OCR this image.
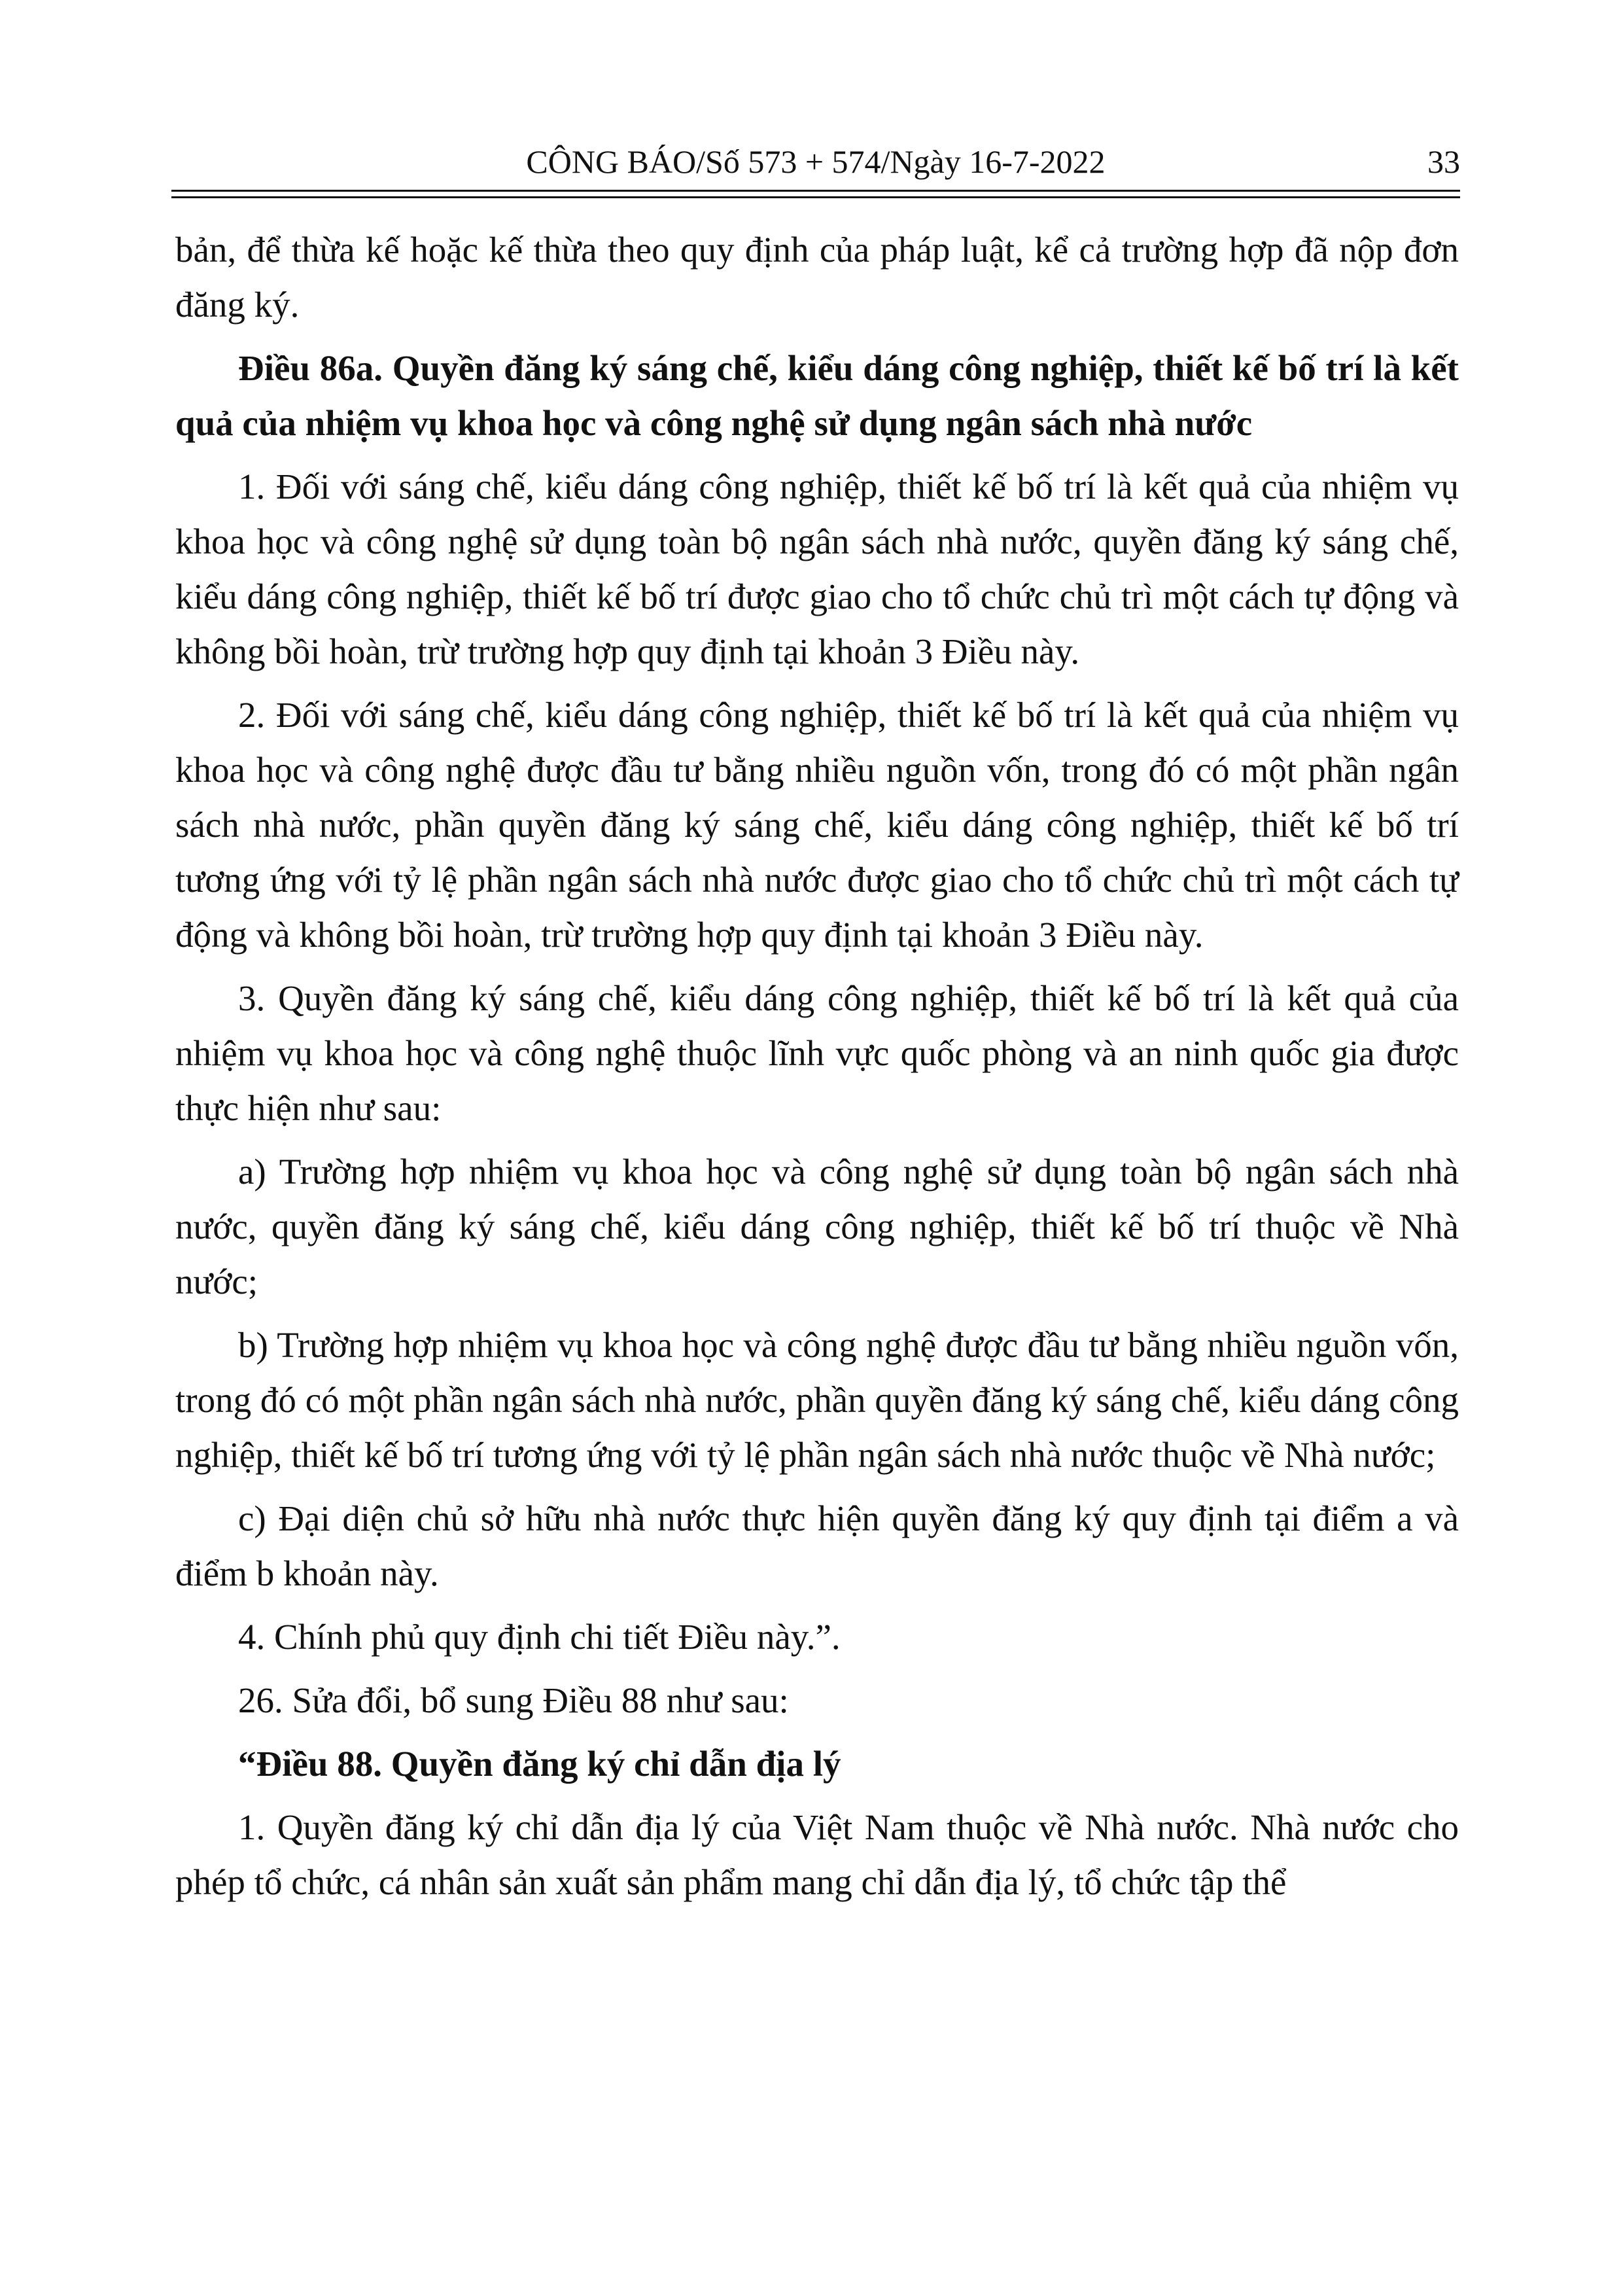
CÔNG BÁO/Số 573 + 574/Ngày 16-7-2022	33

bản, để thừa kế hoặc kế thừa theo quy định của pháp luật, kể cả trường hợp đã nộp đơn đăng ký.

Điều 86a. Quyền đăng ký sáng chế, kiểu dáng công nghiệp, thiết kế bố trí là kết quả của nhiệm vụ khoa học và công nghệ sử dụng ngân sách nhà nước

1. Đối với sáng chế, kiểu dáng công nghiệp, thiết kế bố trí là kết quả của nhiệm vụ khoa học và công nghệ sử dụng toàn bộ ngân sách nhà nước, quyền đăng ký sáng chế, kiểu dáng công nghiệp, thiết kế bố trí được giao cho tổ chức chủ trì một cách tự động và không bồi hoàn, trừ trường hợp quy định tại khoản 3 Điều này.

2. Đối với sáng chế, kiểu dáng công nghiệp, thiết kế bố trí là kết quả của nhiệm vụ khoa học và công nghệ được đầu tư bằng nhiều nguồn vốn, trong đó có một phần ngân sách nhà nước, phần quyền đăng ký sáng chế, kiểu dáng công nghiệp, thiết kế bố trí tương ứng với tỷ lệ phần ngân sách nhà nước được giao cho tổ chức chủ trì một cách tự động và không bồi hoàn, trừ trường hợp quy định tại khoản 3 Điều này.

3. Quyền đăng ký sáng chế, kiểu dáng công nghiệp, thiết kế bố trí là kết quả của nhiệm vụ khoa học và công nghệ thuộc lĩnh vực quốc phòng và an ninh quốc gia được thực hiện như sau:

a) Trường hợp nhiệm vụ khoa học và công nghệ sử dụng toàn bộ ngân sách nhà nước, quyền đăng ký sáng chế, kiểu dáng công nghiệp, thiết kế bố trí thuộc về Nhà nước;

b) Trường hợp nhiệm vụ khoa học và công nghệ được đầu tư bằng nhiều nguồn vốn, trong đó có một phần ngân sách nhà nước, phần quyền đăng ký sáng chế, kiểu dáng công nghiệp, thiết kế bố trí tương ứng với tỷ lệ phần ngân sách nhà nước thuộc về Nhà nước;

c) Đại diện chủ sở hữu nhà nước thực hiện quyền đăng ký quy định tại điểm a và điểm b khoản này.

4. Chính phủ quy định chi tiết Điều này.”.

26. Sửa đổi, bổ sung Điều 88 như sau:

“Điều 88. Quyền đăng ký chỉ dẫn địa lý

1. Quyền đăng ký chỉ dẫn địa lý của Việt Nam thuộc về Nhà nước. Nhà nước cho phép tổ chức, cá nhân sản xuất sản phẩm mang chỉ dẫn địa lý, tổ chức tập thể
